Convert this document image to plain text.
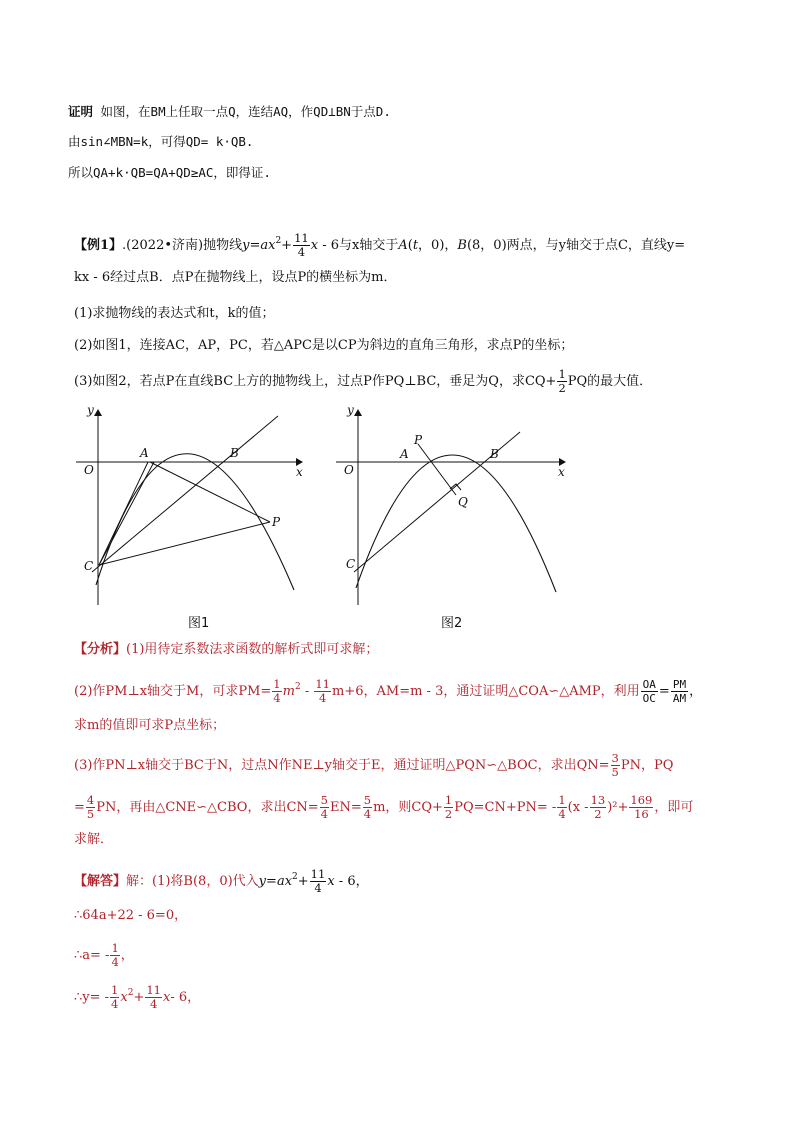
证明 如图，在BM上任取一点Q，连结AQ，作QD⊥BN于点D.
由sin∠MBN=k，可得QD= k·QB.
所以QA+k·QB=QA+QD≥AC，即得证.
【例1】.(2022•济南)抛物线$y=ax^2+ \frac{11}{4}$ x - 6与x轴交于A(t，0)，B(8，0)两点，与y轴交于点C，直线y=
kx - 6经过点B．点P在抛物线上，设点P的横坐标为m．
(1)求抛物线的表达式和t，k的值；
(2)如图1，连接AC，AP，PC，若△APC是以CP为斜边的直角三角形，求点P的坐标；
(3)如图2，若点P在直线BC上方的抛物线上，过点P作PQ⊥BC，垂足为Q，求$CQ+ \frac{1}{2}$ PQ的最大值．
y
x
O
A	B
C
P
图1
y
x
O
A
P
B
Q
C
图2
【分析】(1)用待定系数法求函数的解析式即可求解；
(2)作PM⊥x轴交于M，可求$PM= \frac{1}{4} m^2 - \frac{11}{4} m+6$，AM=m - 3，通过证明△COA∽△AMP，利用 $\frac{OA}{OC} = \frac{PM}{AM}$ ，
求m的值即可求P点坐标；
(3)作PN⊥x轴交于BC于N，过点N作NE⊥y轴交于E，通过证明△PQN∽△BOC，求出$QN= \frac{3}{5}$ PN，PQ
= $\frac{4}{5}$ PN，再由△CNE∽△CBO，求出$CN= \frac{5}{4} EN= \frac{5}{4}$ m，则$CQ+ \frac{1}{2} PQ=CN+PN= - \frac{1}{4} (x - \frac{13}{2} )^2+ \frac{169}{16}$ ，即可
求解．
【解答】解：(1)将B(8，0)代入$y=ax^2+ \frac{11}{4}$ x - 6，
∴64a+22 - 6=0，
∴a= - $\frac{1}{4}$ ，
∴y= - $\frac{1}{4} x^2+ \frac{11}{4} x-$ 6，
